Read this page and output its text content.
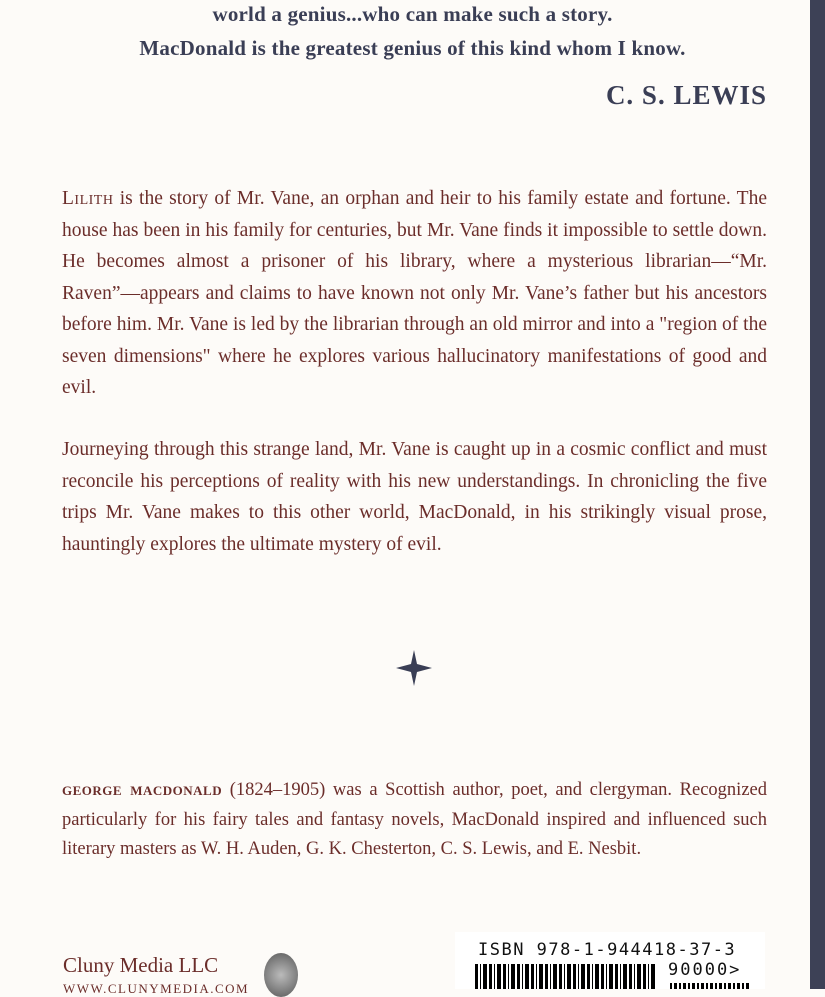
world a genius...who can make such a story.
MacDonald is the greatest genius of this kind whom I know.
C. S. LEWIS

Lilith is the story of Mr. Vane, an orphan and heir to his family estate and fortune. The house has been in his family for centuries, but Mr. Vane finds it impossible to settle down. He becomes almost a prisoner of his library, where a mysterious librarian—“Mr. Raven”—appears and claims to have known not only Mr. Vane’s father but his ancestors before him. Mr. Vane is led by the librarian through an old mirror and into a "region of the seven dimensions" where he explores various hallucinatory manifestations of good and evil.

Journeying through this strange land, Mr. Vane is caught up in a cosmic conflict and must reconcile his perceptions of reality with his new understandings. In chronicling the five trips Mr. Vane makes to this other world, MacDonald, in his strikingly visual prose, hauntingly explores the ultimate mystery of evil.

george macdonald (1824–1905) was a Scottish author, poet, and clergyman. Recognized particularly for his fairy tales and fantasy novels, MacDonald inspired and influenced such literary masters as W. H. Auden, G. K. Chesterton, C. S. Lewis, and E. Nesbit.

Cluny Media LLC
WWW.CLUNYMEDIA.COM
ISBN 978-1-944418-37-3
90000>
